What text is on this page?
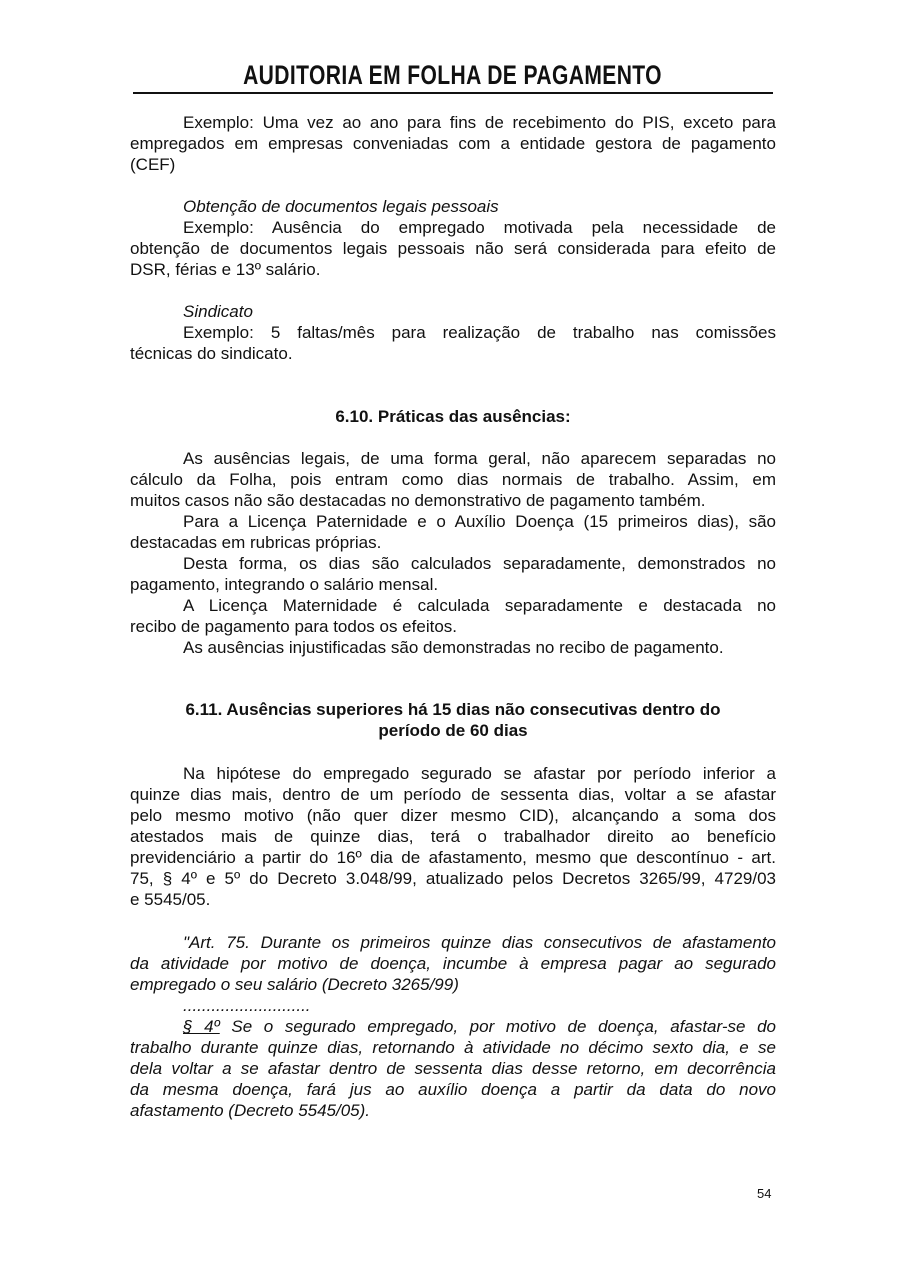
AUDITORIA EM FOLHA DE PAGAMENTO
Exemplo: Uma vez ao ano para fins de recebimento do PIS, exceto para
empregados em empresas conveniadas com a entidade gestora de pagamento
(CEF)
Obtenção de documentos legais pessoais
Exemplo: Ausência do empregado motivada pela necessidade de
obtenção de documentos legais pessoais não será considerada para efeito de
DSR, férias e 13º salário.
Sindicato
Exemplo: 5 faltas/mês para realização de trabalho nas comissões
técnicas do sindicato.
6.10. Práticas das ausências:
As ausências legais, de uma forma geral, não aparecem separadas no
cálculo da Folha, pois entram como dias normais de trabalho. Assim, em
muitos casos não são destacadas no demonstrativo de pagamento também.
Para a Licença Paternidade e o Auxílio Doença (15 primeiros dias), são
destacadas em rubricas próprias.
Desta forma, os dias são calculados separadamente, demonstrados no
pagamento, integrando o salário mensal.
A Licença Maternidade é calculada separadamente e destacada no
recibo de pagamento para todos os efeitos.
As ausências injustificadas são demonstradas no recibo de pagamento.
6.11. Ausências superiores há 15 dias não consecutivas dentro do
período de 60 dias
Na hipótese do empregado segurado se afastar por período inferior a
quinze dias mais, dentro de um período de sessenta dias, voltar a se afastar
pelo mesmo motivo (não quer dizer mesmo CID), alcançando a soma dos
atestados mais de quinze dias, terá o trabalhador direito ao benefício
previdenciário a partir do 16º dia de afastamento, mesmo que descontínuo - art.
75, § 4º e 5º do Decreto 3.048/99, atualizado pelos Decretos 3265/99, 4729/03
e 5545/05.
"Art. 75. Durante os primeiros quinze dias consecutivos de afastamento
da atividade por motivo de doença, incumbe à empresa pagar ao segurado
empregado o seu salário (Decreto 3265/99)
...........................
§ 4º Se o segurado empregado, por motivo de doença, afastar-se do
trabalho durante quinze dias, retornando à atividade no décimo sexto dia, e se
dela voltar a se afastar dentro de sessenta dias desse retorno, em decorrência
da mesma doença, fará jus ao auxílio doença a partir da data do novo
afastamento (Decreto 5545/05).
54
